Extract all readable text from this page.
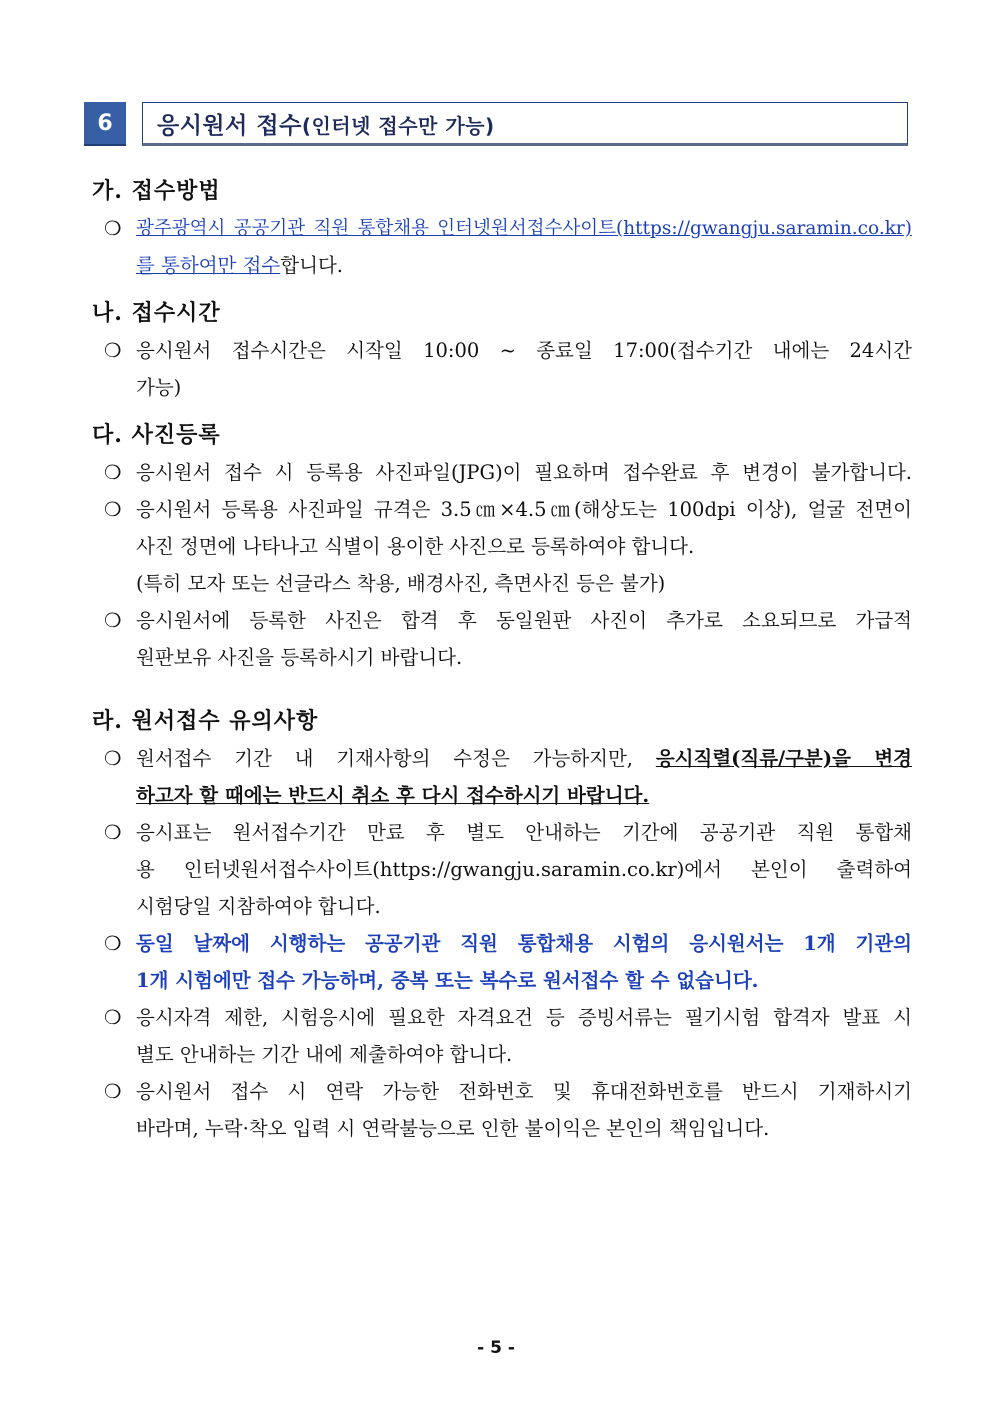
6	응시원서 접수(인터넷 접수만 가능)
가. 접수방법
❍ 광주광역시 공공기관 직원 통합채용 인터넷원서접수사이트(https://gwangju.saramin.co.kr)
를 통하여만 접수합니다.
나. 접수시간
❍ 응시원서 접수시간은 시작일 10:00 ~ 종료일 17:00(접수기간 내에는 24시간
가능)
다. 사진등록
❍ 응시원서 접수 시 등록용 사진파일(JPG)이 필요하며 접수완료 후 변경이 불가합니다.
❍ 응시원서 등록용 사진파일 규격은 3.5㎝×4.5㎝(해상도는 100dpi 이상), 얼굴 전면이
사진 정면에 나타나고 식별이 용이한 사진으로 등록하여야 합니다.
(특히 모자 또는 선글라스 착용, 배경사진, 측면사진 등은 불가)
❍ 응시원서에 등록한 사진은 합격 후 동일원판 사진이 추가로 소요되므로 가급적
원판보유 사진을 등록하시기 바랍니다.
라. 원서접수 유의사항
❍ 원서접수 기간 내 기재사항의 수정은 가능하지만, 응시직렬(직류/구분)을 변경
하고자 할 때에는 반드시 취소 후 다시 접수하시기 바랍니다.
❍ 응시표는 원서접수기간 만료 후 별도 안내하는 기간에 공공기관 직원 통합채
용 인터넷원서접수사이트(https://gwangju.saramin.co.kr)에서 본인이 출력하여
시험당일 지참하여야 합니다.
❍ 동일 날짜에 시행하는 공공기관 직원 통합채용 시험의 응시원서는 1개 기관의
1개 시험에만 접수 가능하며, 중복 또는 복수로 원서접수 할 수 없습니다.
❍ 응시자격 제한, 시험응시에 필요한 자격요건 등 증빙서류는 필기시험 합격자 발표 시
별도 안내하는 기간 내에 제출하여야 합니다.
❍ 응시원서 접수 시 연락 가능한 전화번호 및 휴대전화번호를 반드시 기재하시기
바라며, 누락·착오 입력 시 연락불능으로 인한 불이익은 본인의 책임입니다.
- 5 -
